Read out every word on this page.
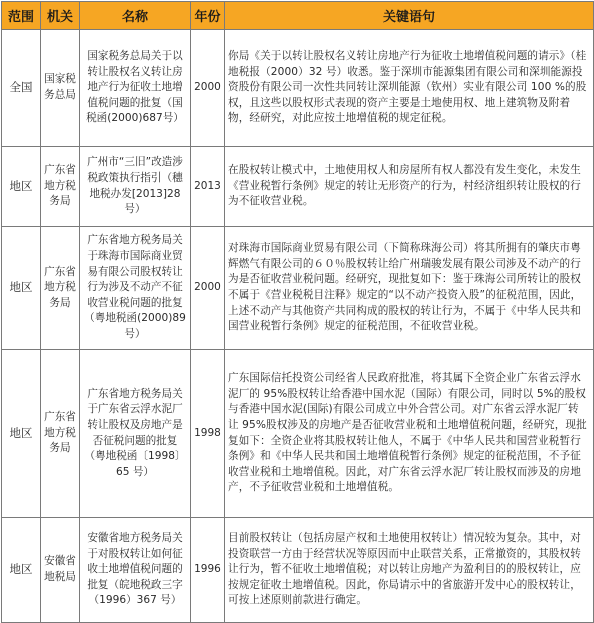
范围	机关	名称	年份	关键语句
全国	国家税务总局	国家税务总局关于以转让股权名义转让房地产行为征收土地增值税问题的批复（国税函(2000)687号）	2000	你局《关于以转让股权名义转让房地产行为征收土地增值税问题的请示》（桂地税报（2000）32 号）收悉。鉴于深圳市能源集团有限公司和深圳能源投资股份有限公司一次性共同转让深圳能源（钦州）实业有限公司 100 %的股权，且这些以股权形式表现的资产主要是土地使用权、地上建筑物及附着物，经研究，对此应按土地增值税的规定征税。

地区	广东省地方税务局	广州市“三旧”改造涉税政策执行指引（穗地税办发[2013]28 号）	2013	在股权转让模式中，土地使用权人和房屋所有权人都没有发生变化，未发生《营业税暂行条例》规定的转让无形资产的行为，村经济组织转让股权的行为不征收营业税。

地区	广东省地方税务局	广东省地方税务局关于珠海市国际商业贸易有限公司股权转让行为涉及不动产不征收营业税问题的批复（粤地税函(2000)89 号）	2000	对珠海市国际商业贸易有限公司（下简称珠海公司）将其所拥有的肇庆市粤辉燃气有限公司的６０％股权转让给广州瑞骏发展有限公司涉及不动产的行为是否征收营业税问题。经研究，现批复如下：鉴于珠海公司所转让的股权不属于《营业税税目注释》规定的“以不动产投资入股”的征税范围，因此，上述不动产与其他资产共同构成的股权的转让行为，不属于《中华人民共和国营业税暂行条例》规定的征税范围，不征收营业税。

地区	广东省地方税务局	广东省地方税务局关于广东省云浮水泥厂转让股权及房地产是否征税问题的批复（粤地税函〔1998〕65 号）	1998	广东国际信托投资公司经省人民政府批准，将其属下全资企业广东省云浮水泥厂的 95%股权转让给香港中国水泥（国际）有限公司，同时以 5%的股权与香港中国水泥(国际)有限公司成立中外合营公司。对广东省云浮水泥厂转让 95%股权涉及的房地产是否征收营业税和土地增值税问题，经研究，现批复如下：全资企业将其股权转让他人，不属于《中华人民共和国营业税暂行条例》和《中华人民共和国土地增值税暂行条例》规定的征税范围，不予征收营业税和土地增值税。因此，对广东省云浮水泥厂转让股权而涉及的房地产，不予征收营业税和土地增值税。

地区	安徽省地税局	安徽省地方税务局关于对股权转让如何征收土地增值税问题的批复（皖地税政三字（1996）367 号）	1996	目前股权转让（包括房屋产权和土地使用权转让）情况较为复杂。其中，对投资联营一方由于经营状况等原因而中止联营关系，正常撤资的，其股权转让行为，暂不征收土地增值税；对以转让房地产为盈利目的的股权转让，应按规定征收土地增值税。因此，你局请示中的省旅游开发中心的股权转让，可按上述原则前款进行确定。
